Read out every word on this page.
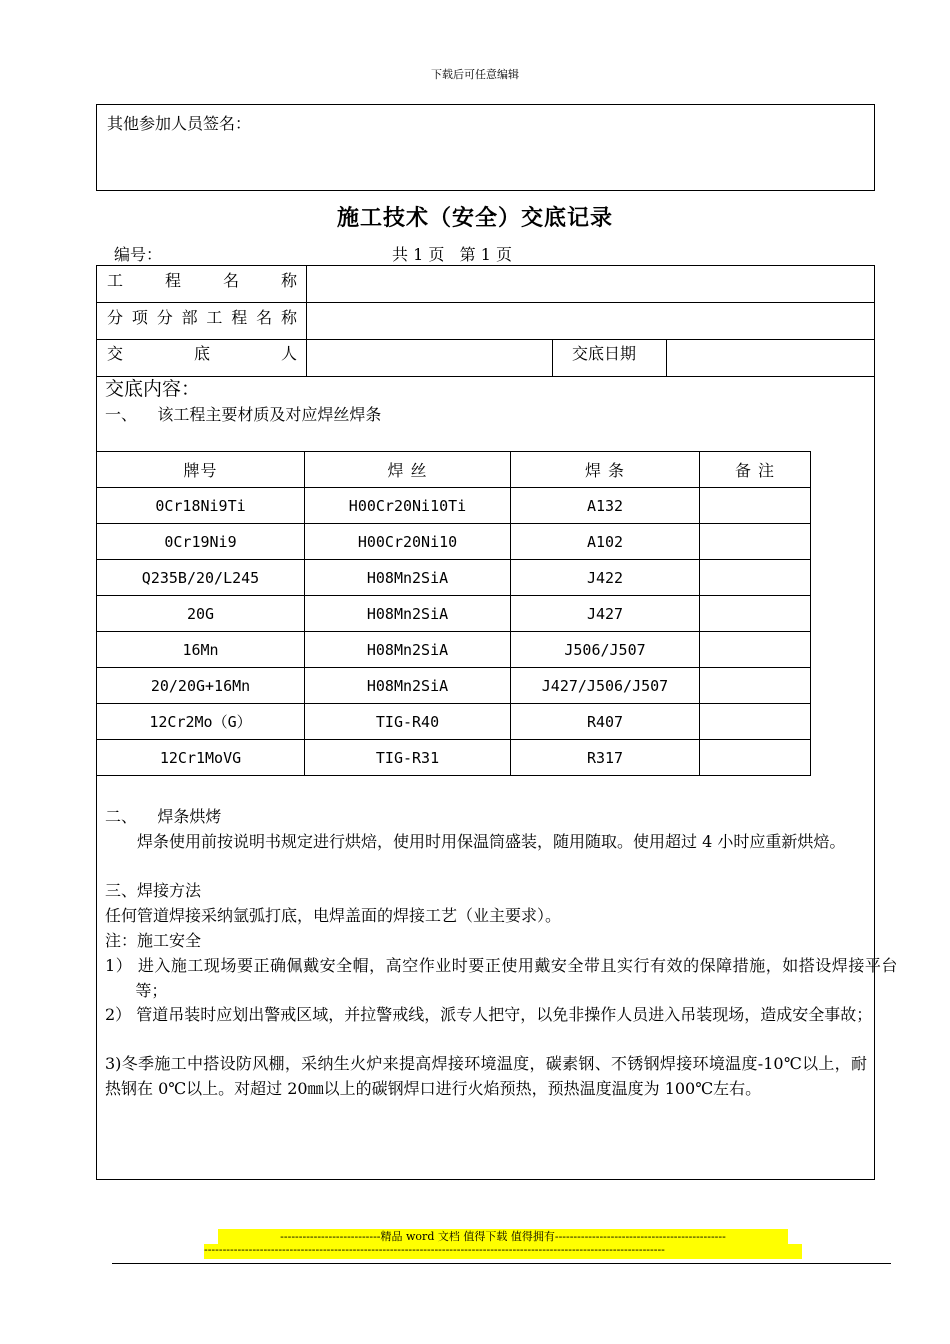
下载后可任意编辑
其他参加人员签名：
施工技术（安全）交底记录
编号：	共 1 页   第 1 页
工 程 名 称
分项分部工程名称
交 底 人	交底日期
交底内容：
一、    该工程主要材质及对应焊丝焊条
牌号	焊 丝	焊 条	备 注
0Cr18Ni9Ti	H00Cr20Ni10Ti	A132	
0Cr19Ni9	H00Cr20Ni10	A102	
Q235B/20/L245	H08Mn2SiA	J422	
20G	H08Mn2SiA	J427	
16Mn	H08Mn2SiA	J506/J507	
20/20G+16Mn	H08Mn2SiA	J427/J506/J507	
12Cr2Mo（G）	TIG-R40	R407	
12Cr1MoVG	TIG-R31	R317	
二、    焊条烘烤
焊条使用前按说明书规定进行烘焙，使用时用保温筒盛装，随用随取。使用超过 4 小时应重新烘焙。
三、焊接方法
任何管道焊接采纳氩弧打底，电焊盖面的焊接工艺（业主要求）。
注：施工安全
1） 进入施工现场要正确佩戴安全帽，高空作业时要正使用戴安全带且实行有效的保障措施，如搭设焊接平台等；
2） 管道吊装时应划出警戒区域，并拉警戒线，派专人把守，以免非操作人员进入吊装现场，造成安全事故；
3)冬季施工中搭设防风棚，采纳生火炉来提高焊接环境温度，碳素钢、不锈钢焊接环境温度-10℃以上，耐热钢在 0℃以上。对超过 20㎜以上的碳钢焊口进行火焰预热，预热温度温度为 100℃左右。
---------------------------精品 word 文档 值得下载 值得拥有----------------------------------------------
----------------------------------------------------------------------------------------------------------------------------
